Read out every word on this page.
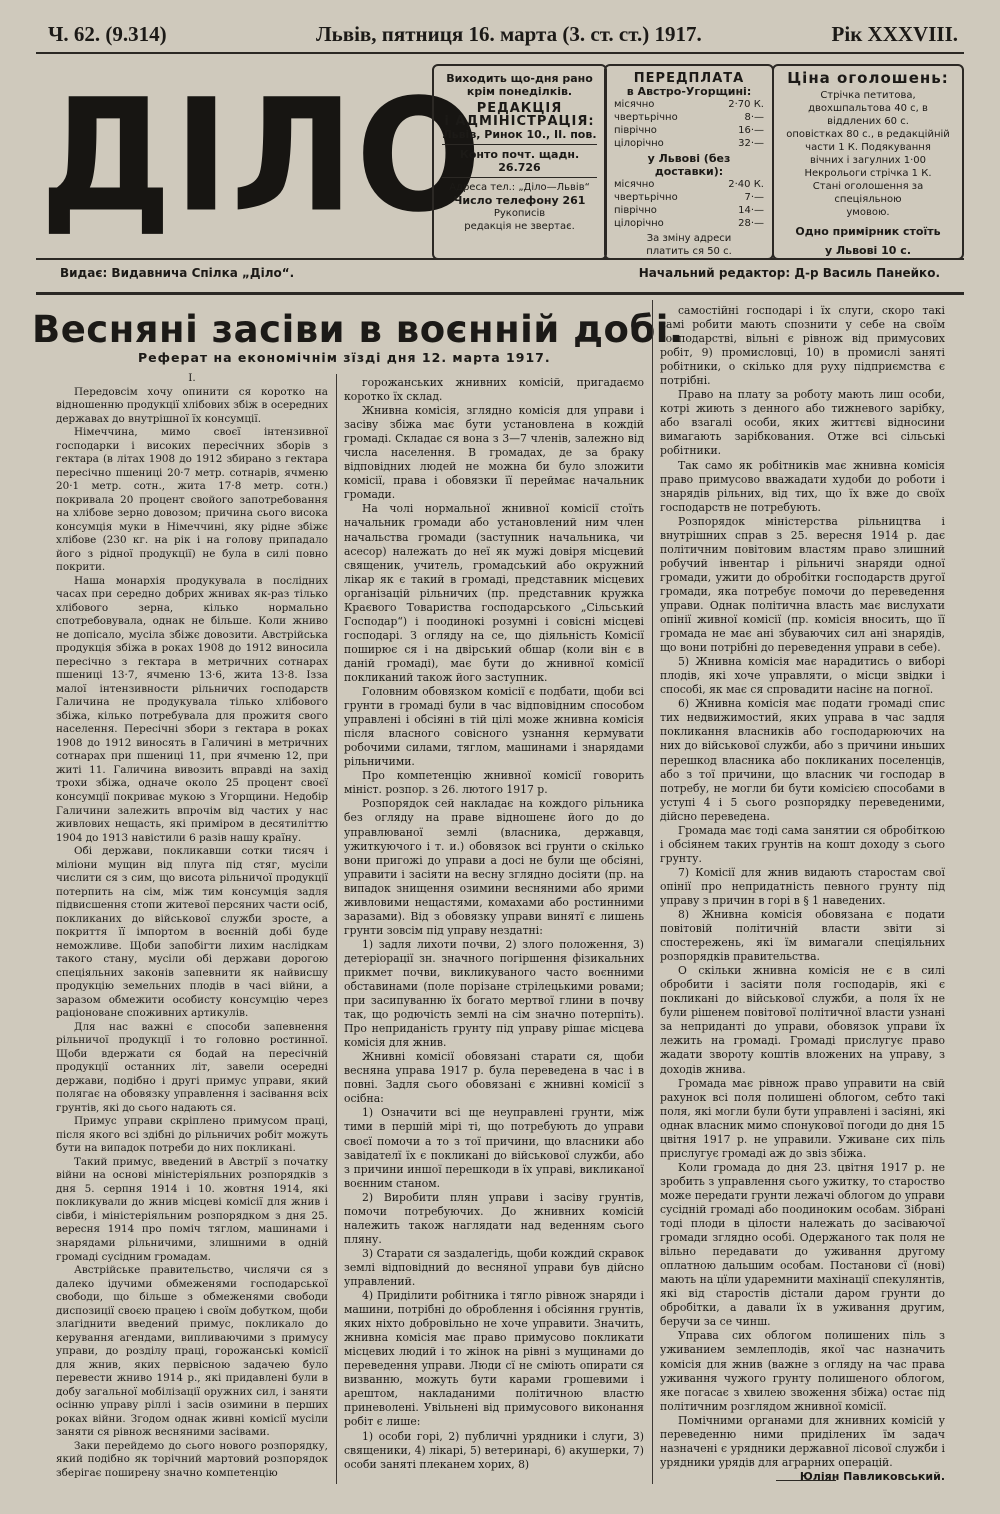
Ч. 62. (9.314)	Львів, пятниця 16. марта (3. ст. ст.) 1917.	Рік XXXVIII.
ДІЛО
Виходить що-дня рано
крім понеділків.
РЕДАКЦІЯ
і АДМІНІСТРАЦІЯ:
Львів, Ринок 10., II. пов.
Конто почт. щадн. 26.726
Адреса тел.: „Діло—Львів“
Число телефону 261
Рукописів
редакція не звертає.
ПЕРЕДПЛАТА
в Австро-Угорщині:
місячно	2·70 К.
чвертьрічно	8·—
піврічно	16·—
цілорічно	32·—
у Львові (без доставки):
місячно	2·40 К.
чвертьрічно	7·—
піврічно	14·—
цілорічно	28·—
За зміну адреси
платить ся 50 с.
Ціна оголошень:
Стрічка петитова, двохшпальтова 40 с, в віддлених 60 с.
оповістках 80 с., в редакційній
части 1 К. Подякування
вічних і загулних 1·00
Некрольоги стрічка 1 К.
Стані оголошення за спеціяльною
умовою.
Одно примірник стоїть
у Львові 10 с.
Видає: Видавнича Спілка „Діло“.	Начальний редактор: Д-р Василь Панейко.
Весняні засіви в воєнній добі.
Реферат на економічнім зїзді дня 12. марта 1917.

I.

Передовсім хочу опинити ся коротко на відношенню продукції хлібових збіж в осередних державах до внутрішної їх консумції.

Німеччина, мимо своєї інтензивної господарки і високих пересічних зборів з гектара (в літах 1908 до 1912 збирано з гектара пересічно пшениці 20·7 метр. сотнарів, ячменю 20·1 метр. сотн., жита 17·8 метр. сотн.) покривала 20 процент свойого запотребовання на хлібове зерно довозом; причина сього висока консумція муки в Німеччині, яку рідне збіжє хлібове (230 кг. на рік і на голову припадало його з рідної продукції) не була в силі повно покрити.

Наша монархія продукувала в послідних часах при середно добрих жнивах як-раз тілько хлібового зерна, кілько нормально спотребовувала, однак не більше. Коли жниво не допісало, мусіла збіжє довозити. Австрійська продукція збіжа в роках 1908 до 1912 виносила пересічно з гектара в метричних сотнарах пшениці 13·7, ячменю 13·6, жита 13·8. Ізза малої інтензивности рільничих господарств Галичина не продукувала тілько хлібового збіжа, кілько потребувала для прожитя свого населення. Пересічні збори з гектара в роках 1908 до 1912 виносять в Галичині в метричних сотнарах при пшениці 11, при ячменю 12, при житі 11. Галичина вивозить вправді на захід трохи збіжа, одначе около 25 процент своєї консумції покриває мукою з Угорщини. Недобір Галичини залежить впрочім від частих у нас живлових нещасть, які приміром в десятиліттю 1904 до 1913 навістили 6 разів нашу країну.

Обі держави, покликавши сотки тисяч і міліони мущин від плуга під стяг, мусіли числити ся з сим, що висота рільничої продукції потерпить на сім, між тим консумція задля підвисшення стопи житевої персяних части осіб, покликаних до військової служби зросте, а покриття її імпортом в воєнній добі буде неможливе. Щоби запобігти лихим наслідкам такого стану, мусіли обі держави дорогою спеціяльних законів запевнити як найвисшу продукцію земельних плодів в часі війни, а заразом обмежити особисту консумцію через раціоноване споживних артикулів.

Для нас важні є способи запевнення рільничої продукції і то головно ростинної. Щоби вдержати ся бодай на пересічній продукції останних літ, завели осередні держави, подібно і другі примус управи, який полягає на обовязку управлення і засівання всіх грунтів, які до сього надають ся.

Примус управи скріплено примусом праці, після якого всі здібні до рільничих робіт можуть бути на випадок потреби до них покликані.

Такий примус, введений в Австрії з початку війни на основі міністеріяльних розпорядків з дня 5. серпня 1914 і 10. жовтня 1914, які покликували до жнив місцеві комісії для жнив і сівби, і міністеріяльним розпорядком з дня 25. вересня 1914 про поміч тяглом, машинами і знарядами рільничими, злишними в одній громаді сусідним громадам.

Австрійське правительство, числячи ся з далеко ідучими обмеженями господарської свободи, що більше з обмеженями свободи диспозиції своєю працею і своїм добутком, щоби злагіднити введений примус, покликало до керування агендами, випливаючими з примусу управи, до розділу праці, горожанські комісії для жнив, яких первісною задачею було перевести жниво 1914 р., які придавлені були в добу загальної мобілізації оружних сил, і заняти осінню управу ріллі і засів озимини в перших роках війни. Згодом однак живні комісії мусіли заняти ся рівнож весняними засівами.

Заки перейдемо до сього нового розпорядку, який подібно як торічний мартовий розпорядок зберігає поширену значно компетенцію

горожанських жнивних комісій, пригадаємо коротко їх склад.

Жнивна комісія, зглядно комісія для управи і засіву збіжа має бути установлена в кождій громаді. Складає ся вона з 3—7 членів, залежно від числа населення. В громадах, де за браку відповідних людей не можна би було зложити комісії, права і обовязки її переймає начальник громади.

На чолі нормальної жнивної комісії стоїть начальник громади або установлений ним член начальства громади (заступник начальника, чи асесор) належать до неї як мужі довіря місцевий священик, учитель, громадський або окружний лікар як є такий в громаді, представник місцевих організацій рільничих (пр. представник кружка Краєвого Товариства господарського „Сільський Господар“) і поодинокі розумні і совісні місцеві господарі. З огляду на се, що діяльність Комісії поширює ся і на двірський обшар (коли він є в даній громаді), має бути до жнивної комісії покликаний також його заступник.

Головним обовязком комісії є подбати, щоби всі грунти в громаді були в час відповідним способом управлені і обсіяні в тій цілі може жнивна комісія після власного совісного узнання кермувати робочими силами, тяглом, машинами і знарядами рільничими.

Про компетенцію жнивної комісії говорить мініст. розпор. з 26. лютого 1917 р.

Розпорядок сей накладає на кождого рільника без огляду на праве відношенє його до до управлюваної землі (власника, державця, ужиткуючого і т. и.) обовязок всі грунти о скілько вони пригожі до управи а досі не були ще обсіяні, управити і засіяти на весну зглядно досіяти (пр. на випадок знищення озимини весняними або ярими живловими нещастями, комахами або ростинними заразами). Від з обовязку управи винятї є лишень грунти зовсім під управу нездатні:

1) задля лихоти почви, 2) злого положення, 3) детеріорації зн. значного погіршення фізикальних прикмет почви, викликуваного часто воєнними обставинами (поле порізане стрілецькими ровами; при засипуванню їх богато мертвої глини в почву так, що родючість землі на сім значно потерпіть). Про неприданість грунту під управу рішає місцева комісія для жнив.

Жнивні комісії обовязані старати ся, щоби весняна управа 1917 р. була переведена в час і в повні. Задля сього обовязані є жнивні комісії з осібна:

1) Означити всі ще неуправлені грунти, між тими в першій мірі ті, що потребують до управи своєї помочи а то з тої причини, що власники або завідателї їх є покликані до військової служби, або з причини иншої перешкоди в їх управі, викликаної воєнним станом.

2) Виробити плян управи і засіву грунтів, помочи потребуючих. До жнивних комісій належить також наглядати над веденням сього пляну.

3) Старати ся заздалегідь, щоби кождий скравок землі відповідний до весняної управи був дійсно управлений.

4) Приділити робітника і тягло рівнож знаряди і машини, потрібні до оброблення і обсіяння грунтів, яких ніхто добровільно не хоче управити. Значить, жнивна комісія має право примусово покликати місцевих людий і то жінок на рівні з мущинами до переведення управи. Люди сї не сміють опирати ся визванню, можуть бути карами грошевими і арештом, накладаними політичною властю приневолені. Увільнені від примусового виконання робіт є лише:

1) особи горі, 2) публичні урядники і слуги, 3) священики, 4) лікарі, 5) ветеринарі, 6) акушерки, 7) особи заняті плеканем хорих, 8)

самостійні господарі і їх слуги, скоро такі самі робити мають спознити у себе на своїм господарстві, вільні є рівнож від примусових робіт, 9) промисловці, 10) в промислі заняті робітники, о скілько для руху підприємства є потрібні.

Право на плату за роботу мають лиш особи, котрі жиють з денного або тижневого зарібку, або взагалі особи, яких життєві відносини вимагають зарібкования. Отже всі сільські робітники.

Так само як робітників має жнивна комісія право примусово вважадати худоби до роботи і знарядів рільних, від тих, що їх вже до своїх господарств не потребують.

Розпорядок міністерства рільництва і внутрішних справ з 25. вересня 1914 р. дає політичним повітовим властям право злишний робучий інвентар і рільничі знаряди одної громади, ужити до обробітки господарств другої громади, яка потребує помочи до переведення управи. Однак політична власть має вислухати опінії живної комісії (пр. комісія вносить, що її громада не має ані збуваючих сил ані знарядів, що вони потрібні до переведення управи в себе).

5) Жнивна комісія має нарадитись о виборі плодів, які хоче управляти, о місци звідки і способі, як має ся спровадити насінє на погної.

6) Жнивна комісія має подати громаді спис тих недвижимостий, яких управа в час задля покликання власників або господарюючих на них до військової служби, або з причини иньших перешкод власника або покликаних поселенців, або з тої причини, що власник чи господар в потребу, не могли би бути комісією способами в уступі 4 і 5 сього розпорядку переведеними, дійсно переведена.

Громада має тоді сама занятии ся обробіткою і обсіянем таких грунтів на кошт доходу з сього грунту.

7) Комісії для жнив видають старостам свої опінії про непридатність певного грунту під управу з причин в горі в § 1 наведених.

8) Жнивна комісія обовязана є подати повітовій політичній власти звіти зі спостережень, які їм вимагали спеціяльних розпорядків правительства.

О скільки жнивна комісія не є в силі обробити і засіяти поля господарів, які є покликані до військової служби, а поля їх не були рішенем повітової політичної власти узнані за неприданті до управи, обовязок управи їх лежить на громаді. Громаді прислугує право жадати звороту коштів вложених на управу, з доходів жнива.

Громада має рівнож право управити на свій рахунок всі поля полишені облогом, себто такі поля, які могли були бути управлені і засіяні, які однак власник мимо спонукової погоди до дня 15 цвітня 1917 р. не управили. Уживане сих піль прислугує громаді аж до звіз збіжа.

Коли громада до дня 23. цвітня 1917 р. не зробить з управлення сього ужитку, то староство може передати грунти лежачі облогом до управи сусідній громаді або поодиноким особам. Зібрані тоді плоди в цілости належать до засіваючої громади зглядно особі. Одержаного так поля не вільно передавати до уживання другому оплатною дальшим особам. Постанови сї (нові) мають на цїли ударемнити махінації спекулянтів, які від старостів дістали даром грунти до обробітки, а давали їх в уживання другим, беручи за се чинш.

Управа сих облогом полишених піль з уживанием землеплодів, якої час назначить комісія для жнив (важне з огляду на час права уживання чужого грунту полишеного облогом, яке погасає з хвилею звоження збіжа) остає під політичним розглядом жнивної комісії.

Помічними органами для жнивних комісій у переведенню ними приділених їм задач назначені є урядники державної лісової служби і урядники урядів для аграрних операцій.

Юліян Павликовський.
